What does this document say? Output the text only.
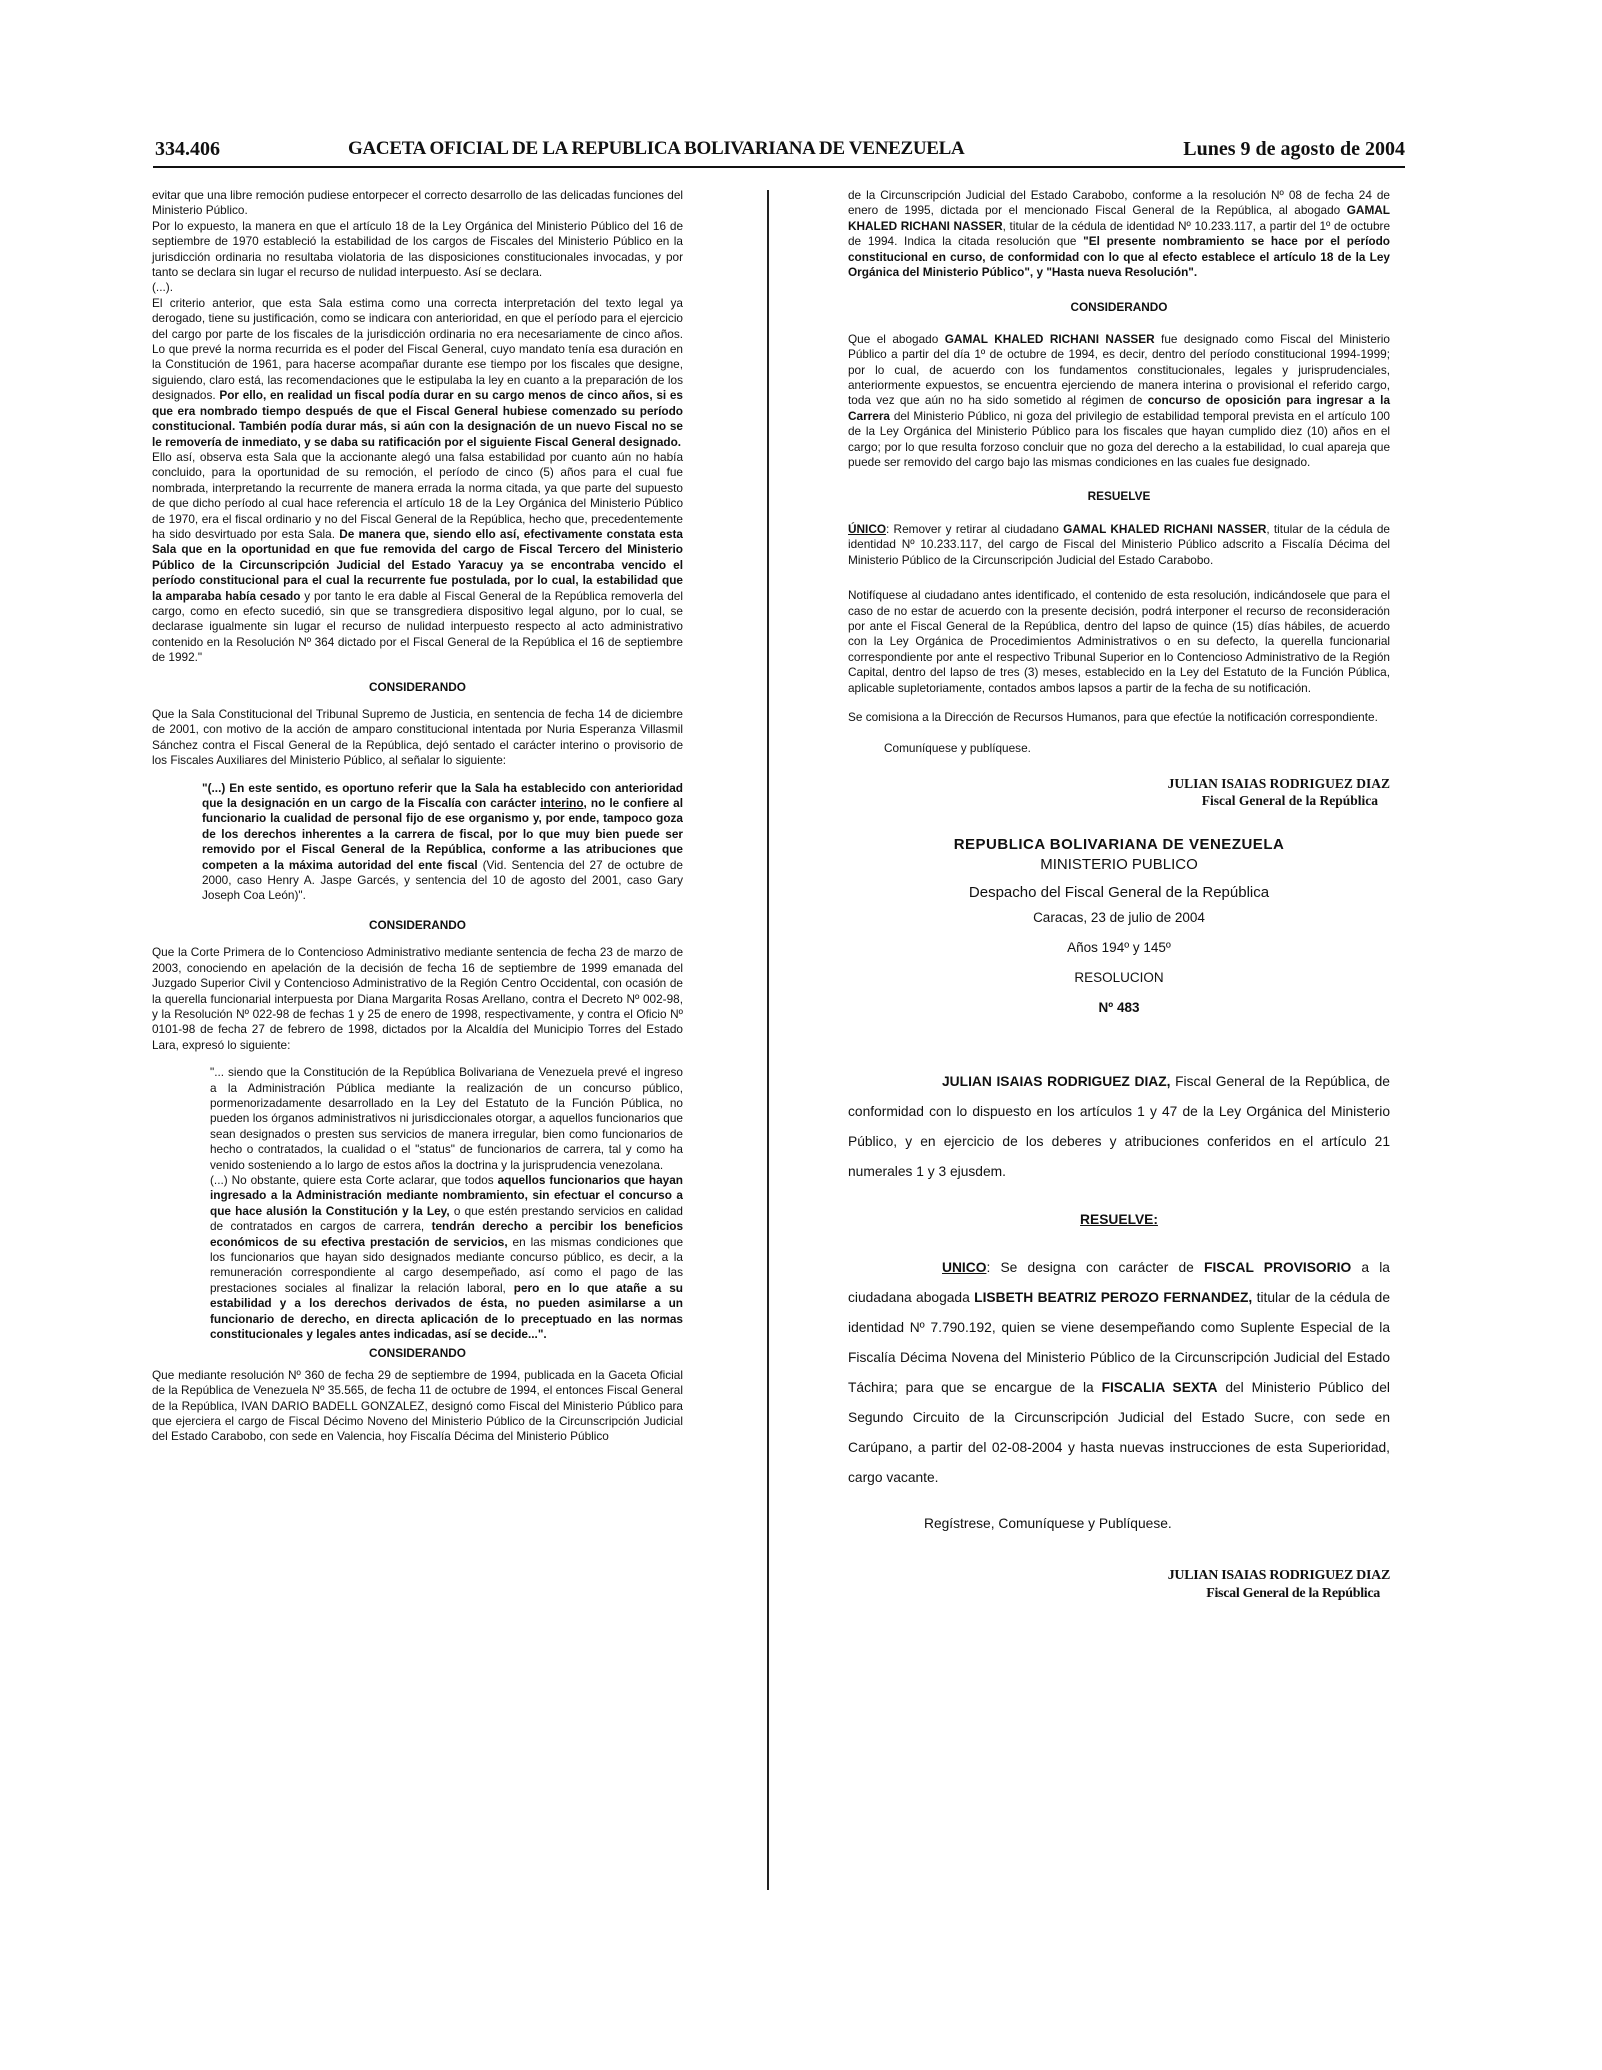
334.406	GACETA OFICIAL DE LA REPUBLICA BOLIVARIANA DE VENEZUELA	Lunes 9 de agosto de 2004

evitar que una libre remoción pudiese entorpecer el correcto desarrollo de las delicadas funciones del Ministerio Público.

Por lo expuesto, la manera en que el artículo 18 de la Ley Orgánica del Ministerio Público del 16 de septiembre de 1970 estableció la estabilidad de los cargos de Fiscales del Ministerio Público en la jurisdicción ordinaria no resultaba violatoria de las disposiciones constitucionales invocadas, y por tanto se declara sin lugar el recurso de nulidad interpuesto. Así se declara.

(...).

El criterio anterior, que esta Sala estima como una correcta interpretación del texto legal ya derogado, tiene su justificación, como se indicara con anterioridad, en que el período para el ejercicio del cargo por parte de los fiscales de la jurisdicción ordinaria no era necesariamente de cinco años. Lo que prevé la norma recurrida es el poder del Fiscal General, cuyo mandato tenía esa duración en la Constitución de 1961, para hacerse acompañar durante ese tiempo por los fiscales que designe, siguiendo, claro está, las recomendaciones que le estipulaba la ley en cuanto a la preparación de los designados. Por ello, en realidad un fiscal podía durar en su cargo menos de cinco años, si es que era nombrado tiempo después de que el Fiscal General hubiese comenzado su período constitucional. También podía durar más, si aún con la designación de un nuevo Fiscal no se le removería de inmediato, y se daba su ratificación por el siguiente Fiscal General designado.

Ello así, observa esta Sala que la accionante alegó una falsa estabilidad por cuanto aún no había concluido, para la oportunidad de su remoción, el período de cinco (5) años para el cual fue nombrada, interpretando la recurrente de manera errada la norma citada, ya que parte del supuesto de que dicho período al cual hace referencia el artículo 18 de la Ley Orgánica del Ministerio Público de 1970, era el fiscal ordinario y no del Fiscal General de la República, hecho que, precedentemente ha sido desvirtuado por esta Sala. De manera que, siendo ello así, efectivamente constata esta Sala que en la oportunidad en que fue removida del cargo de Fiscal Tercero del Ministerio Público de la Circunscripción Judicial del Estado Yaracuy ya se encontraba vencido el período constitucional para el cual la recurrente fue postulada, por lo cual, la estabilidad que la amparaba había cesado y por tanto le era dable al Fiscal General de la República removerla del cargo, como en efecto sucedió, sin que se transgrediera dispositivo legal alguno, por lo cual, se declarase igualmente sin lugar el recurso de nulidad interpuesto respecto al acto administrativo contenido en la Resolución Nº 364 dictado por el Fiscal General de la República el 16 de septiembre de 1992."

CONSIDERANDO

Que la Sala Constitucional del Tribunal Supremo de Justicia, en sentencia de fecha 14 de diciembre de 2001, con motivo de la acción de amparo constitucional intentada por Nuria Esperanza Villasmil Sánchez contra el Fiscal General de la República, dejó sentado el carácter interino o provisorio de los Fiscales Auxiliares del Ministerio Público, al señalar lo siguiente:

"(...) En este sentido, es oportuno referir que la Sala ha establecido con anterioridad que la designación en un cargo de la Fiscalía con carácter interino, no le confiere al funcionario la cualidad de personal fijo de ese organismo y, por ende, tampoco goza de los derechos inherentes a la carrera de fiscal, por lo que muy bien puede ser removido por el Fiscal General de la República, conforme a las atribuciones que competen a la máxima autoridad del ente fiscal (Vid. Sentencia del 27 de octubre de 2000, caso Henry A. Jaspe Garcés, y sentencia del 10 de agosto del 2001, caso Gary Joseph Coa León)".

CONSIDERANDO

Que la Corte Primera de lo Contencioso Administrativo mediante sentencia de fecha 23 de marzo de 2003, conociendo en apelación de la decisión de fecha 16 de septiembre de 1999 emanada del Juzgado Superior Civil y Contencioso Administrativo de la Región Centro Occidental, con ocasión de la querella funcionarial interpuesta por Diana Margarita Rosas Arellano, contra el Decreto Nº 002-98, y la Resolución Nº 022-98 de fechas 1 y 25 de enero de 1998, respectivamente, y contra el Oficio Nº 0101-98 de fecha 27 de febrero de 1998, dictados por la Alcaldía del Municipio Torres del Estado Lara, expresó lo siguiente:

"... siendo que la Constitución de la República Bolivariana de Venezuela prevé el ingreso a la Administración Pública mediante la realización de un concurso público, pormenorizadamente desarrollado en la Ley del Estatuto de la Función Pública, no pueden los órganos administrativos ni jurisdiccionales otorgar, a aquellos funcionarios que sean designados o presten sus servicios de manera irregular, bien como funcionarios de hecho o contratados, la cualidad o el "status" de funcionarios de carrera, tal y como ha venido sosteniendo a lo largo de estos años la doctrina y la jurisprudencia venezolana.

(...) No obstante, quiere esta Corte aclarar, que todos aquellos funcionarios que hayan ingresado a la Administración mediante nombramiento, sin efectuar el concurso a que hace alusión la Constitución y la Ley, o que estén prestando servicios en calidad de contratados en cargos de carrera, tendrán derecho a percibir los beneficios económicos de su efectiva prestación de servicios, en las mismas condiciones que los funcionarios que hayan sido designados mediante concurso público, es decir, a la remuneración correspondiente al cargo desempeñado, así como el pago de las prestaciones sociales al finalizar la relación laboral, pero en lo que atañe a su estabilidad y a los derechos derivados de ésta, no pueden asimilarse a un funcionario de derecho, en directa aplicación de lo preceptuado en las normas constitucionales y legales antes indicadas, así se decide...".

CONSIDERANDO

Que mediante resolución Nº 360 de fecha 29 de septiembre de 1994, publicada en la Gaceta Oficial de la República de Venezuela Nº 35.565, de fecha 11 de octubre de 1994, el entonces Fiscal General de la República, IVAN DARIO BADELL GONZALEZ, designó como Fiscal del Ministerio Público para que ejerciera el cargo de Fiscal Décimo Noveno del Ministerio Público de la Circunscripción Judicial del Estado Carabobo, con sede en Valencia, hoy Fiscalía Décima del Ministerio Público

de la Circunscripción Judicial del Estado Carabobo, conforme a la resolución Nº 08 de fecha 24 de enero de 1995, dictada por el mencionado Fiscal General de la República, al abogado GAMAL KHALED RICHANI NASSER, titular de la cédula de identidad Nº 10.233.117, a partir del 1º de octubre de 1994. Indica la citada resolución que "El presente nombramiento se hace por el período constitucional en curso, de conformidad con lo que al efecto establece el artículo 18 de la Ley Orgánica del Ministerio Público", y "Hasta nueva Resolución".

CONSIDERANDO

Que el abogado GAMAL KHALED RICHANI NASSER fue designado como Fiscal del Ministerio Público a partir del día 1º de octubre de 1994, es decir, dentro del período constitucional 1994-1999; por lo cual, de acuerdo con los fundamentos constitucionales, legales y jurisprudenciales, anteriormente expuestos, se encuentra ejerciendo de manera interina o provisional el referido cargo, toda vez que aún no ha sido sometido al régimen de concurso de oposición para ingresar a la Carrera del Ministerio Público, ni goza del privilegio de estabilidad temporal prevista en el artículo 100 de la Ley Orgánica del Ministerio Público para los fiscales que hayan cumplido diez (10) años en el cargo; por lo que resulta forzoso concluir que no goza del derecho a la estabilidad, lo cual apareja que puede ser removido del cargo bajo las mismas condiciones en las cuales fue designado.

RESUELVE

ÚNICO: Remover y retirar al ciudadano GAMAL KHALED RICHANI NASSER, titular de la cédula de identidad Nº 10.233.117, del cargo de Fiscal del Ministerio Público adscrito a Fiscalía Décima del Ministerio Público de la Circunscripción Judicial del Estado Carabobo.

Notifíquese al ciudadano antes identificado, el contenido de esta resolución, indicándosele que para el caso de no estar de acuerdo con la presente decisión, podrá interponer el recurso de reconsideración por ante el Fiscal General de la República, dentro del lapso de quince (15) días hábiles, de acuerdo con la Ley Orgánica de Procedimientos Administrativos o en su defecto, la querella funcionarial correspondiente por ante el respectivo Tribunal Superior en lo Contencioso Administrativo de la Región Capital, dentro del lapso de tres (3) meses, establecido en la Ley del Estatuto de la Función Pública, aplicable supletoriamente, contados ambos lapsos a partir de la fecha de su notificación.

Se comisiona a la Dirección de Recursos Humanos, para que efectúe la notificación correspondiente.

Comuníquese y publíquese.

JULIAN ISAIAS RODRIGUEZ DIAZ

Fiscal General de la República

REPUBLICA BOLIVARIANA DE VENEZUELA
MINISTERIO PUBLICO
Despacho del Fiscal General de la República
Caracas, 23 de julio de 2004
Años 194º y 145º
RESOLUCION
Nº 483

JULIAN ISAIAS RODRIGUEZ DIAZ, Fiscal General de la República, de conformidad con lo dispuesto en los artículos 1 y 47 de la Ley Orgánica del Ministerio Público, y en ejercicio de los deberes y atribuciones conferidos en el artículo 21 numerales 1 y 3 ejusdem.

RESUELVE:

UNICO: Se designa con carácter de FISCAL PROVISORIO a la ciudadana abogada LISBETH BEATRIZ PEROZO FERNANDEZ, titular de la cédula de identidad Nº 7.790.192, quien se viene desempeñando como Suplente Especial de la Fiscalía Décima Novena del Ministerio Público de la Circunscripción Judicial del Estado Táchira; para que se encargue de la FISCALIA SEXTA del Ministerio Público del Segundo Circuito de la Circunscripción Judicial del Estado Sucre, con sede en Carúpano, a partir del 02-08-2004 y hasta nuevas instrucciones de esta Superioridad, cargo vacante.

Regístrese, Comuníquese y Publíquese.

JULIAN ISAIAS RODRIGUEZ DIAZ

Fiscal General de la República
